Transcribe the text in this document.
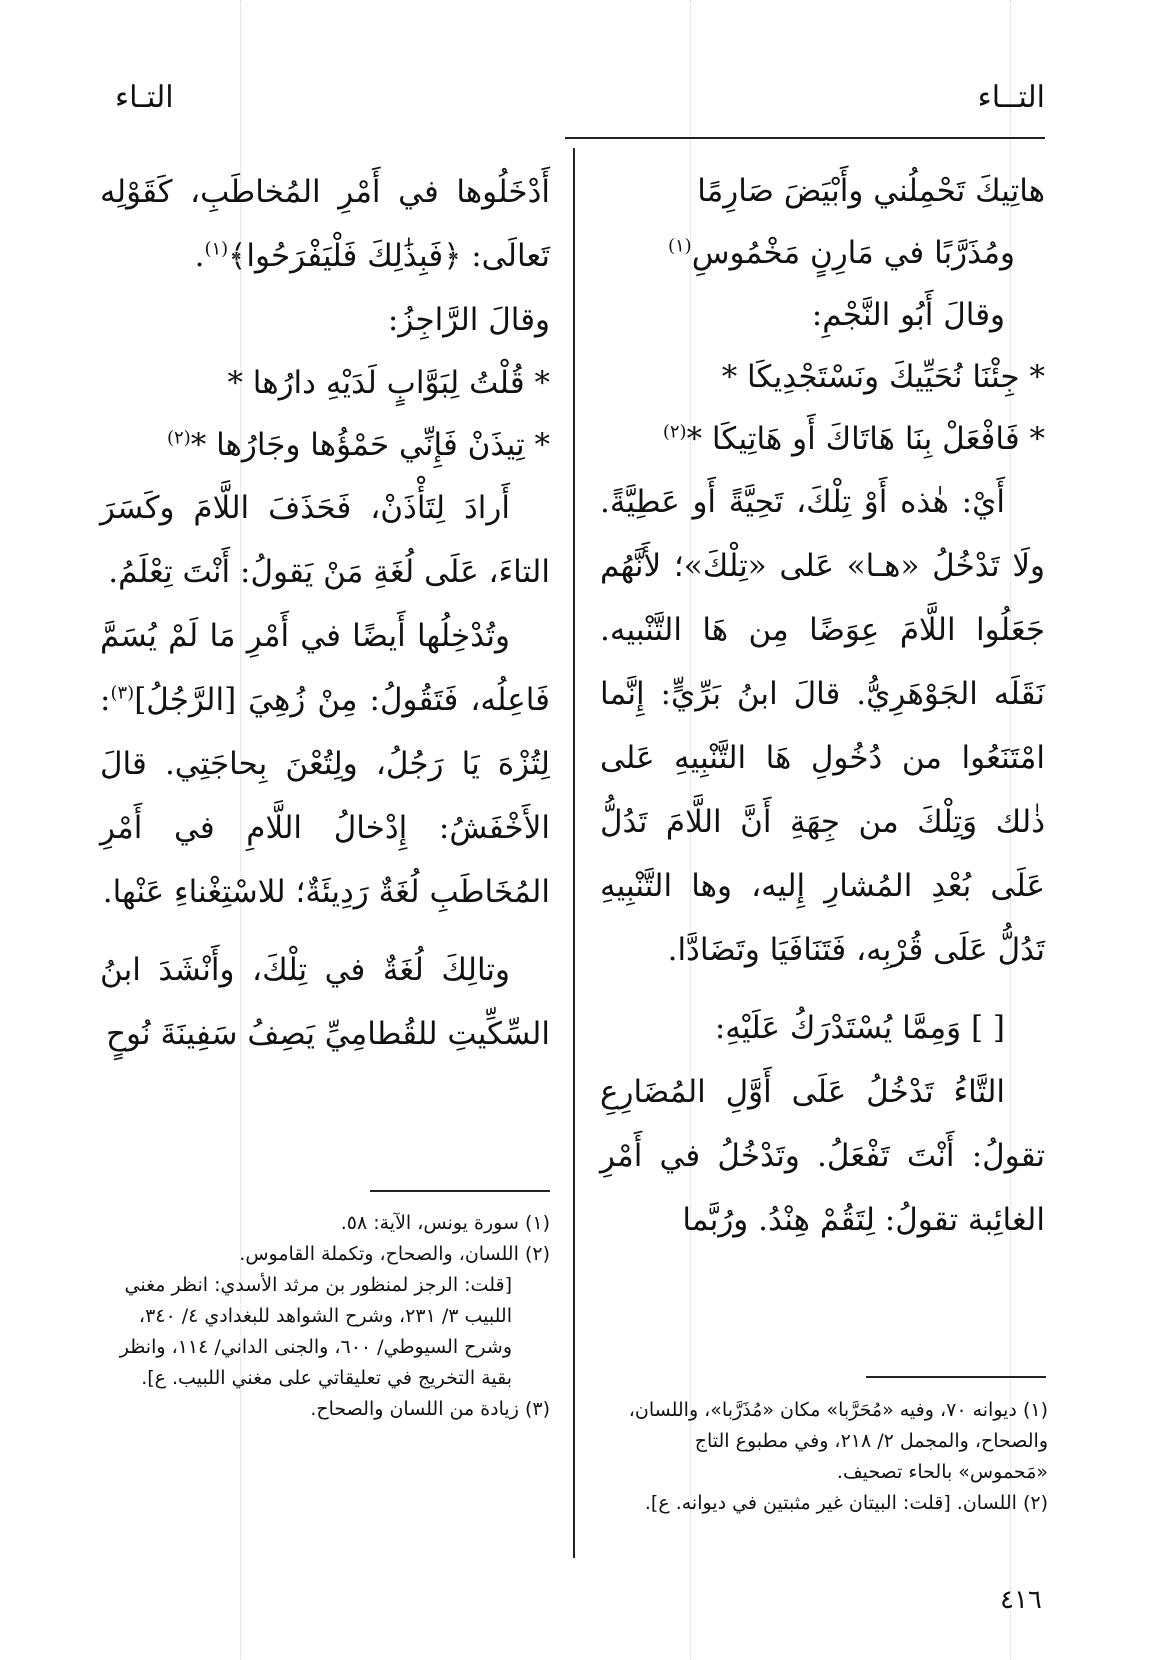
التــاء
التـاء

هاتِيكَ تَحْمِلُني وأَبْيَضَ صَارِمًا

ومُذَرَّبًا في مَارِنٍ مَخْمُوسِ$^{(١)}$

وقالَ أَبُو النَّجْمِ:

* جِئْنَا نُحَيِّيكَ ونَسْتَجْدِيكَا *

* فَافْعَلْ بِنَا هَاتَاكَ أَو هَاتِيكَا *$^{(٢)}$

أَيْ: هٰذه أَوْ تِلْكَ، تَحِيَّةً أَو عَطِيَّةً. ولَا تَدْخُلُ «هـا» عَلى «تِلْكَ»؛ لأَنَّهُم جَعَلُوا اللَّامَ عِوَضًا مِن هَا التَّنْبيه. نَقَلَه الجَوْهَرِيُّ. قالَ ابنُ بَرِّيٍّ: إِنَّما امْتَنَعُوا من دُخُولِ هَا التَّنْبِيهِ عَلى ذٰلك وَتِلْكَ من جِهَةِ أَنَّ اللَّامَ تَدُلُّ عَلَى بُعْدِ المُشارِ إِليه، وها التَّنْبِيهِ تَدُلُّ عَلَى قُرْبِه، فَتَنَافَيَا وتَضَادَّا.

[ ] وَمِمَّا يُسْتَدْرَكُ عَلَيْهِ:

التَّاءُ تَدْخُلُ عَلَى أَوَّلِ المُضَارِعِ تقولُ: أَنْتَ تَفْعَلُ. وتَدْخُلُ في أَمْرِ الغائِبة تقولُ: لِتَقُمْ هِنْدُ. ورُبَّما

أَدْخَلُوها في أَمْرِ المُخاطَبِ، كَقَوْلِه تَعالَى: ﴿فَبِذَٰلِكَ فَلْيَفْرَحُوا﴾$^{(١)}$.

وقالَ الرَّاجِزُ:

* قُلْتُ لِبَوَّابٍ لَدَيْهِ دارُها *

* تِيذَنْ فَإِنِّي حَمْؤُها وجَارُها *$^{(٢)}$

أَرادَ لِتَأْذَنْ، فَحَذَفَ اللَّامَ وكَسَرَ التاءَ، عَلَى لُغَةِ مَنْ يَقولُ: أَنْتَ تِعْلَمُ.

وتُدْخِلُها أَيضًا في أَمْرِ مَا لَمْ يُسَمَّ فَاعِلُه، فَتَقُولُ: مِنْ زُهِيَ [الرَّجُلُ]$^{(٣)}$: لِتُزْهَ يَا رَجُلُ، ولِتُعْنَ بِحاجَتِي. قالَ الأَخْفَشُ: إِدْخالُ اللَّامِ في أَمْرِ المُخَاطَبِ لُغَةٌ رَدِيئَةٌ؛ للاسْتِغْناءِ عَنْها.

وتالِكَ لُغَةٌ في تِلْكَ، وأَنْشَدَ ابنُ السِّكِّيتِ للقُطامِيِّ يَصِفُ سَفِينَةَ نُوحٍ

(١) ديوانه ٧٠، وفيه «مُحَرَّبا» مكان «مُذَرَّبا»، واللسان، والصحاح، والمجمل ٢/ ٢١٨، وفي مطبوع التاج «مَحموس» بالحاء تصحيف.

(٢) اللسان. [قلت: البيتان غير مثبتين في ديوانه. ع].

(١) سورة يونس، الآية: ٥٨.

(٢) اللسان، والصحاح، وتكملة القاموس.

[قلت: الرجز لمنظور بن مرثد الأسدي: انظر مغني اللبيب ٣/ ٢٣١، وشرح الشواهد للبغدادي ٤/ ٣٤٠، وشرح السيوطي/ ٦٠٠، والجنى الداني/ ١١٤، وانظر بقية التخريج في تعليقاتي على مغني اللبيب. ع].

(٣) زيادة من اللسان والصحاح.

٤١٦
